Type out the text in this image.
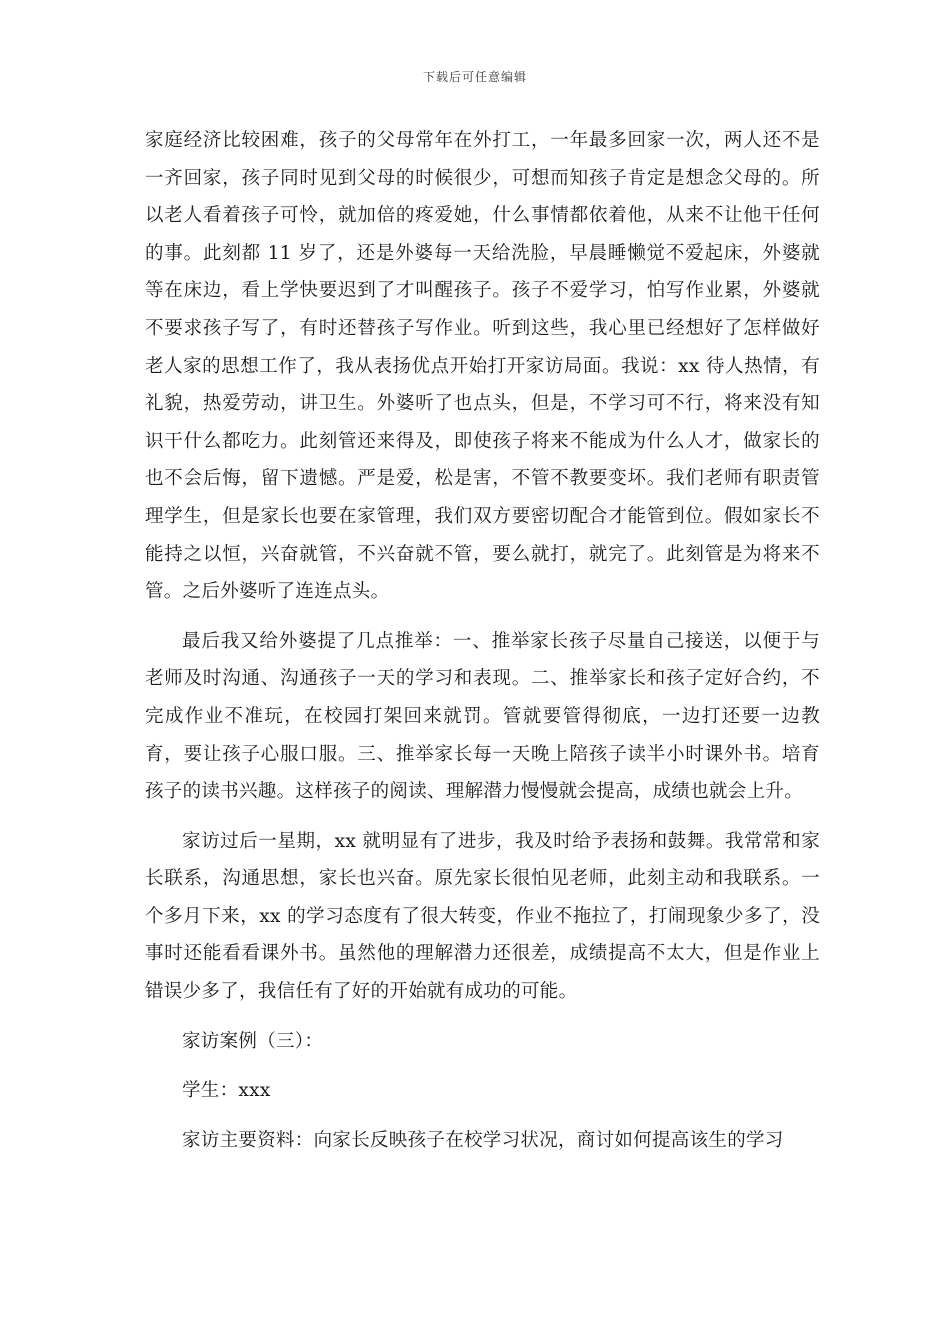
下载后可任意编辑

家庭经济比较困难，孩子的父母常年在外打工，一年最多回家一次，两人还不是一齐回家，孩子同时见到父母的时候很少，可想而知孩子肯定是想念父母的。所以老人看着孩子可怜，就加倍的疼爱她，什么事情都依着他，从来不让他干任何的事。此刻都 11 岁了，还是外婆每一天给洗脸，早晨睡懒觉不爱起床，外婆就等在床边，看上学快要迟到了才叫醒孩子。孩子不爱学习，怕写作业累，外婆就不要求孩子写了，有时还替孩子写作业。听到这些，我心里已经想好了怎样做好老人家的思想工作了，我从表扬优点开始打开家访局面。我说：xx 待人热情，有礼貌，热爱劳动，讲卫生。外婆听了也点头，但是，不学习可不行，将来没有知识干什么都吃力。此刻管还来得及，即使孩子将来不能成为什么人才，做家长的也不会后悔，留下遗憾。严是爱，松是害，不管不教要变坏。我们老师有职责管理学生，但是家长也要在家管理，我们双方要密切配合才能管到位。假如家长不能持之以恒，兴奋就管，不兴奋就不管，要么就打，就完了。此刻管是为将来不管。之后外婆听了连连点头。

最后我又给外婆提了几点推举：一、推举家长孩子尽量自己接送，以便于与老师及时沟通、沟通孩子一天的学习和表现。二、推举家长和孩子定好合约，不完成作业不准玩，在校园打架回来就罚。管就要管得彻底，一边打还要一边教育，要让孩子心服口服。三、推举家长每一天晚上陪孩子读半小时课外书。培育孩子的读书兴趣。这样孩子的阅读、理解潜力慢慢就会提高，成绩也就会上升。

家访过后一星期，xx 就明显有了进步，我及时给予表扬和鼓舞。我常常和家长联系，沟通思想，家长也兴奋。原先家长很怕见老师，此刻主动和我联系。一个多月下来，xx 的学习态度有了很大转变，作业不拖拉了，打闹现象少多了，没事时还能看看课外书。虽然他的理解潜力还很差，成绩提高不太大，但是作业上错误少多了，我信任有了好的开始就有成功的可能。

家访案例（三）：

学生：xxx

家访主要资料：向家长反映孩子在校学习状况，商讨如何提高该生的学习
